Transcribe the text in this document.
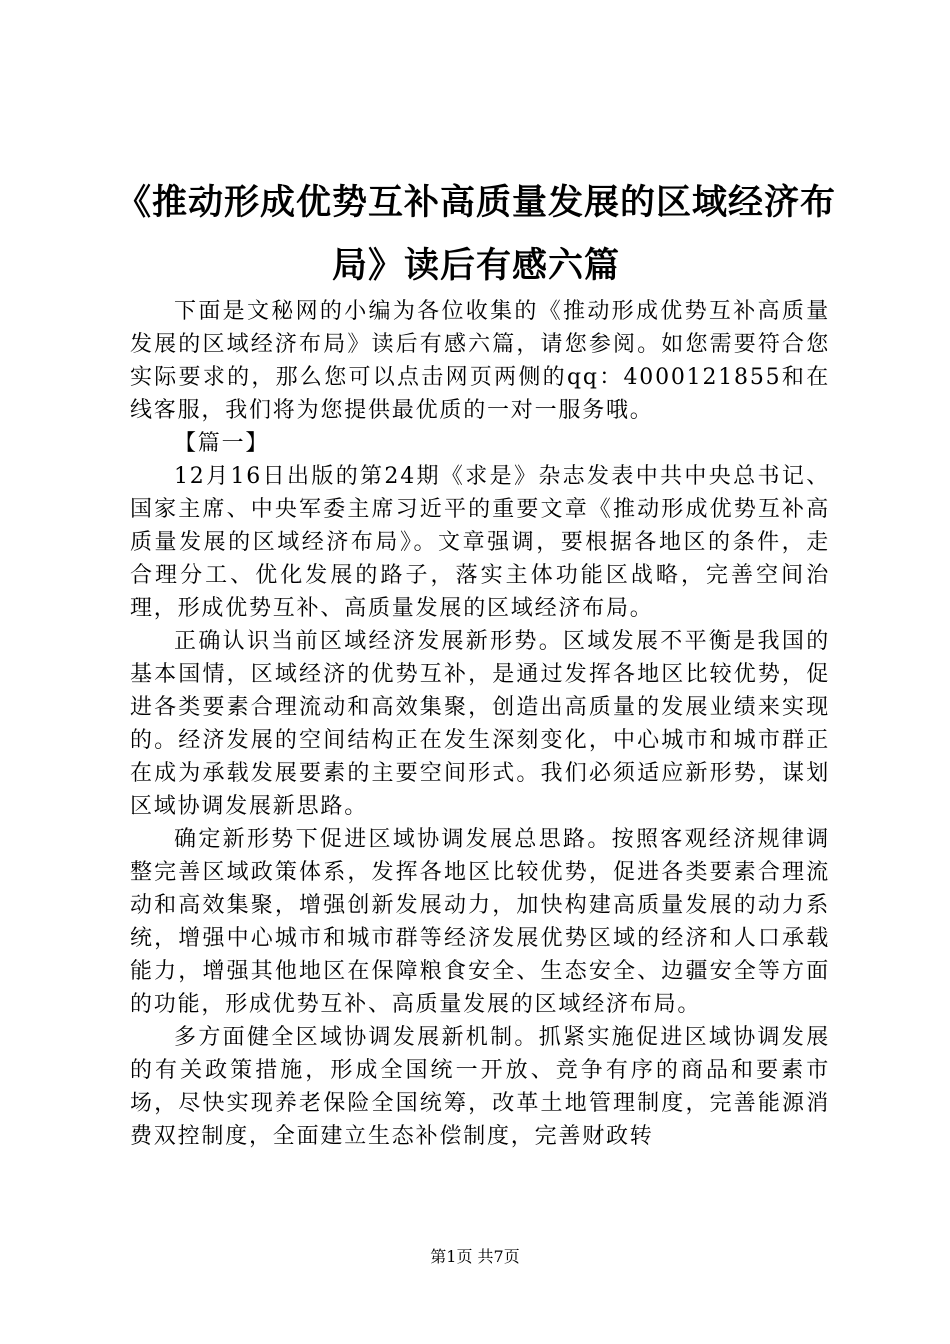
《推动形成优势互补高质量发展的区域经济布
局》读后有感六篇

下面是文秘网的小编为各位收集的《推动形成优势互补高质量发展的区域经济布局》读后有感六篇，请您参阅。如您需要符合您实际要求的，那么您可以点击网页两侧的qq：4000121855和在线客服，我们将为您提供最优质的一对一服务哦。

【篇一】

12月16日出版的第24期《求是》杂志发表中共中央总书记、国家主席、中央军委主席习近平的重要文章《推动形成优势互补高质量发展的区域经济布局》。文章强调，要根据各地区的条件，走合理分工、优化发展的路子，落实主体功能区战略，完善空间治理，形成优势互补、高质量发展的区域经济布局。

正确认识当前区域经济发展新形势。区域发展不平衡是我国的基本国情，区域经济的优势互补，是通过发挥各地区比较优势，促进各类要素合理流动和高效集聚，创造出高质量的发展业绩来实现的。经济发展的空间结构正在发生深刻变化，中心城市和城市群正在成为承载发展要素的主要空间形式。我们必须适应新形势，谋划区域协调发展新思路。

确定新形势下促进区域协调发展总思路。按照客观经济规律调整完善区域政策体系，发挥各地区比较优势，促进各类要素合理流动和高效集聚，增强创新发展动力，加快构建高质量发展的动力系统，增强中心城市和城市群等经济发展优势区域的经济和人口承载能力，增强其他地区在保障粮食安全、生态安全、边疆安全等方面的功能，形成优势互补、高质量发展的区域经济布局。

多方面健全区域协调发展新机制。抓紧实施促进区域协调发展的有关政策措施，形成全国统一开放、竞争有序的商品和要素市场，尽快实现养老保险全国统筹，改革土地管理制度，完善能源消费双控制度，全面建立生态补偿制度，完善财政转

第1页 共7页
